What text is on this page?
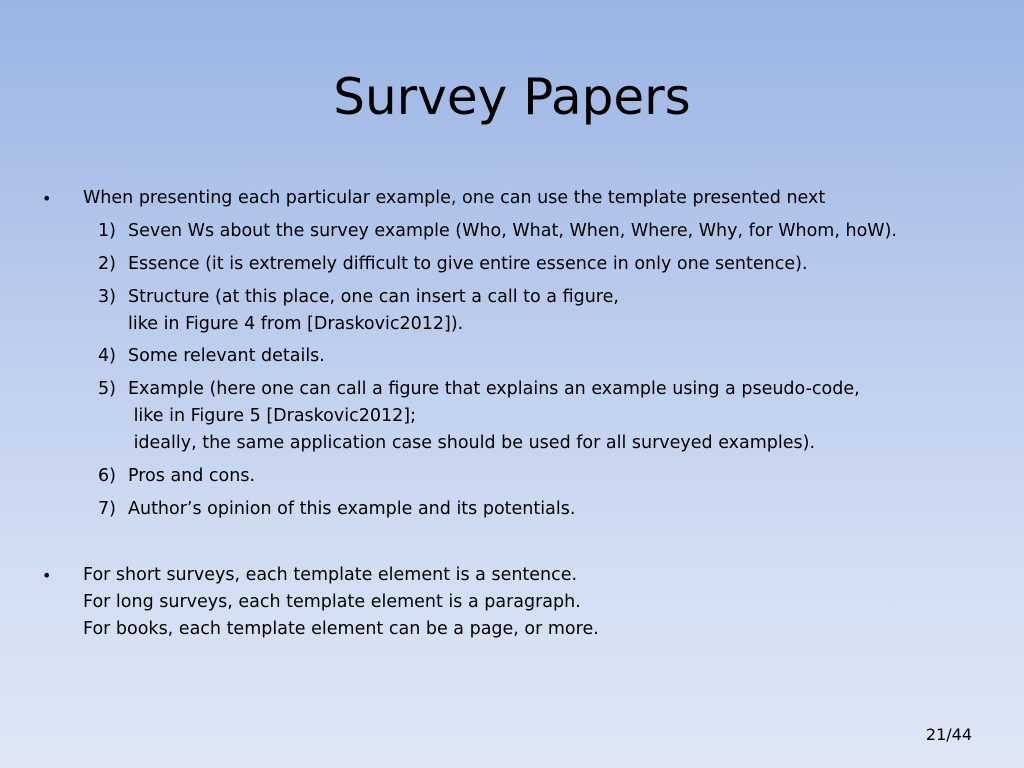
Survey Papers
• When presenting each particular example, one can use the template presented next
1) Seven Ws about the survey example (Who, What, When, Where, Why, for Whom, hoW).
2) Essence (it is extremely difficult to give entire essence in only one sentence).
3) Structure (at this place, one can insert a call to a figure,
like in Figure 4 from [Draskovic2012]).
4) Some relevant details.
5) Example (here one can call a figure that explains an example using a pseudo-code,
like in Figure 5 [Draskovic2012];
ideally, the same application case should be used for all surveyed examples).
6) Pros and cons.
7) Author’s opinion of this example and its potentials.
• For short surveys, each template element is a sentence.
For long surveys, each template element is a paragraph.
For books, each template element can be a page, or more.
21/44
